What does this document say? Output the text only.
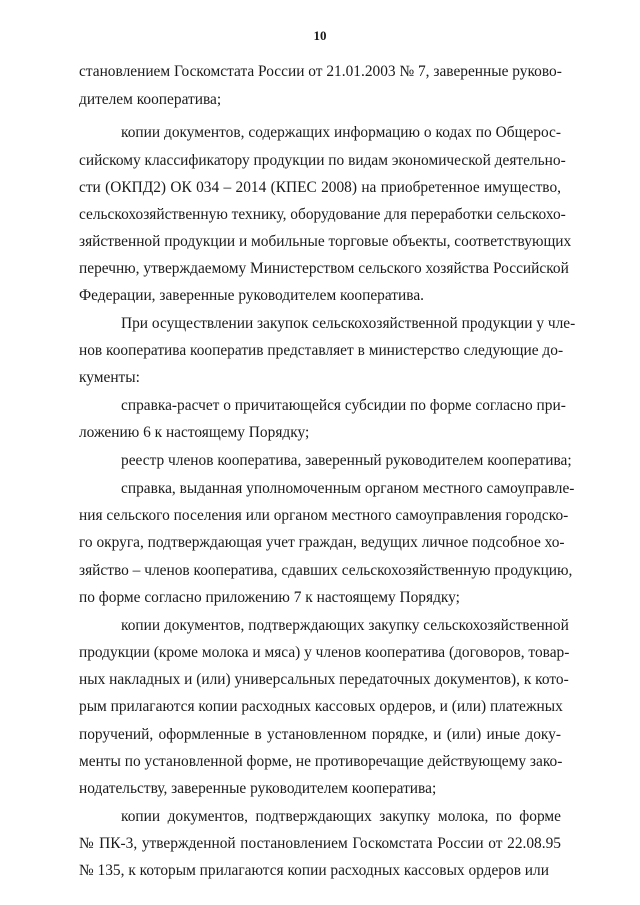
10
становлением Госкомстата России от 21.01.2003 № 7, заверенные руково-
дителем кооператива;
копии документов, содержащих информацию о кодах по Общерос-
сийскому классификатору продукции по видам экономической деятельно-
сти (ОКПД2) ОК 034 – 2014 (КПЕС 2008) на приобретенное имущество,
сельскохозяйственную технику, оборудование для переработки сельскохо-
зяйственной продукции и мобильные торговые объекты, соответствующих
перечню, утверждаемому Министерством сельского хозяйства Российской
Федерации, заверенные руководителем кооператива.
При осуществлении закупок сельскохозяйственной продукции у чле-
нов кооператива кооператив представляет в министерство следующие до-
кументы:
справка-расчет о причитающейся субсидии по форме согласно при-
ложению 6 к настоящему Порядку;
реестр членов кооператива, заверенный руководителем кооператива;
справка, выданная уполномоченным органом местного самоуправле-
ния сельского поселения или органом местного самоуправления городско-
го округа, подтверждающая учет граждан, ведущих личное подсобное хо-
зяйство – членов кооператива, сдавших сельскохозяйственную продукцию,
по форме согласно приложению 7 к настоящему Порядку;
копии документов, подтверждающих закупку сельскохозяйственной
продукции (кроме молока и мяса) у членов кооператива (договоров, товар-
ных накладных и (или) универсальных передаточных документов), к кото-
рым прилагаются копии расходных кассовых ордеров, и (или) платежных
поручений, оформленные в установленном порядке, и (или) иные доку-
менты по установленной форме, не противоречащие действующему зако-
нодательству, заверенные руководителем кооператива;
копии документов, подтверждающих закупку молока, по форме
№ ПК-3, утвержденной постановлением Госкомстата России от 22.08.95
№ 135, к которым прилагаются копии расходных кассовых ордеров или
